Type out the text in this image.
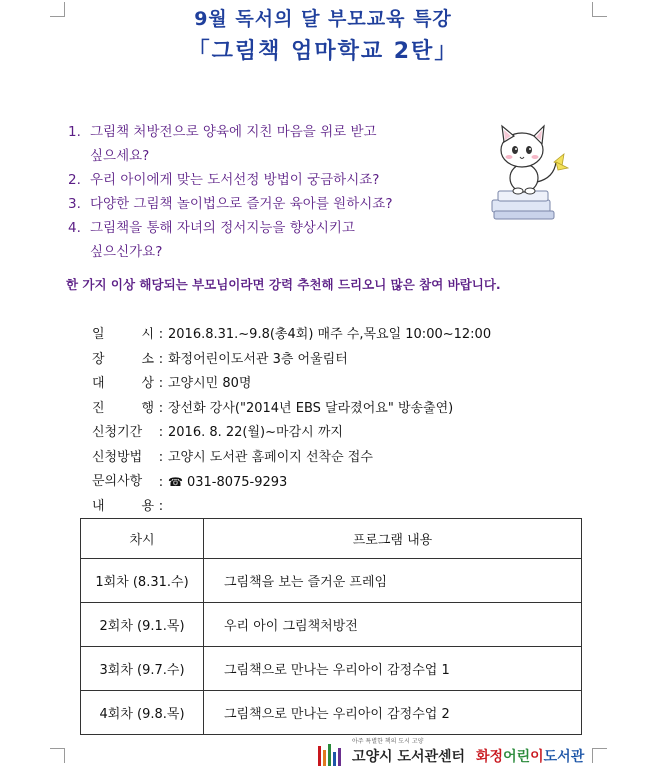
9월 독서의 달 부모교육 특강
「그림책 엄마학교 2탄」
1. 그림책 처방전으로 양육에 지친 마음을 위로 받고
싶으세요?
2. 우리 아이에게 맞는 도서선정 방법이 궁금하시죠?
3. 다양한 그림책 놀이법으로 즐거운 육아를 원하시죠?
4. 그림책을 통해 자녀의 정서지능을 향상시키고
싶으신가요?
한 가지 이상 해당되는 부모님이라면 강력 추천해 드리오니 많은 참여 바랍니다.
일 시 : 2016.8.31.~9.8(총4회) 매주 수,목요일 10:00~12:00
장 소 : 화정어린이도서관 3층 어울림터
대 상 : 고양시민 80명
진 행 : 장선화 강사("2014년 EBS 달라졌어요" 방송출연)
신청기간 : 2016. 8. 22(월)~마감시 까지
신청방법 : 고양시 도서관 홈페이지 선착순 접수
문의사항 : ☎ 031-8075-9293
내 용 :
차시	프로그램 내용
1회차 (8.31.수)	그림책을 보는 즐거운 프레임
2회차 (9.1.목)	우리 아이 그림책처방전
3회차 (9.7.수)	그림책으로 만나는 우리아이 감정수업 1
4회차 (9.8.목)	그림책으로 만나는 우리아이 감정수업 2
아주 특별한 책의 도시 고양
고양시 도서관센터 화정어린이도서관
